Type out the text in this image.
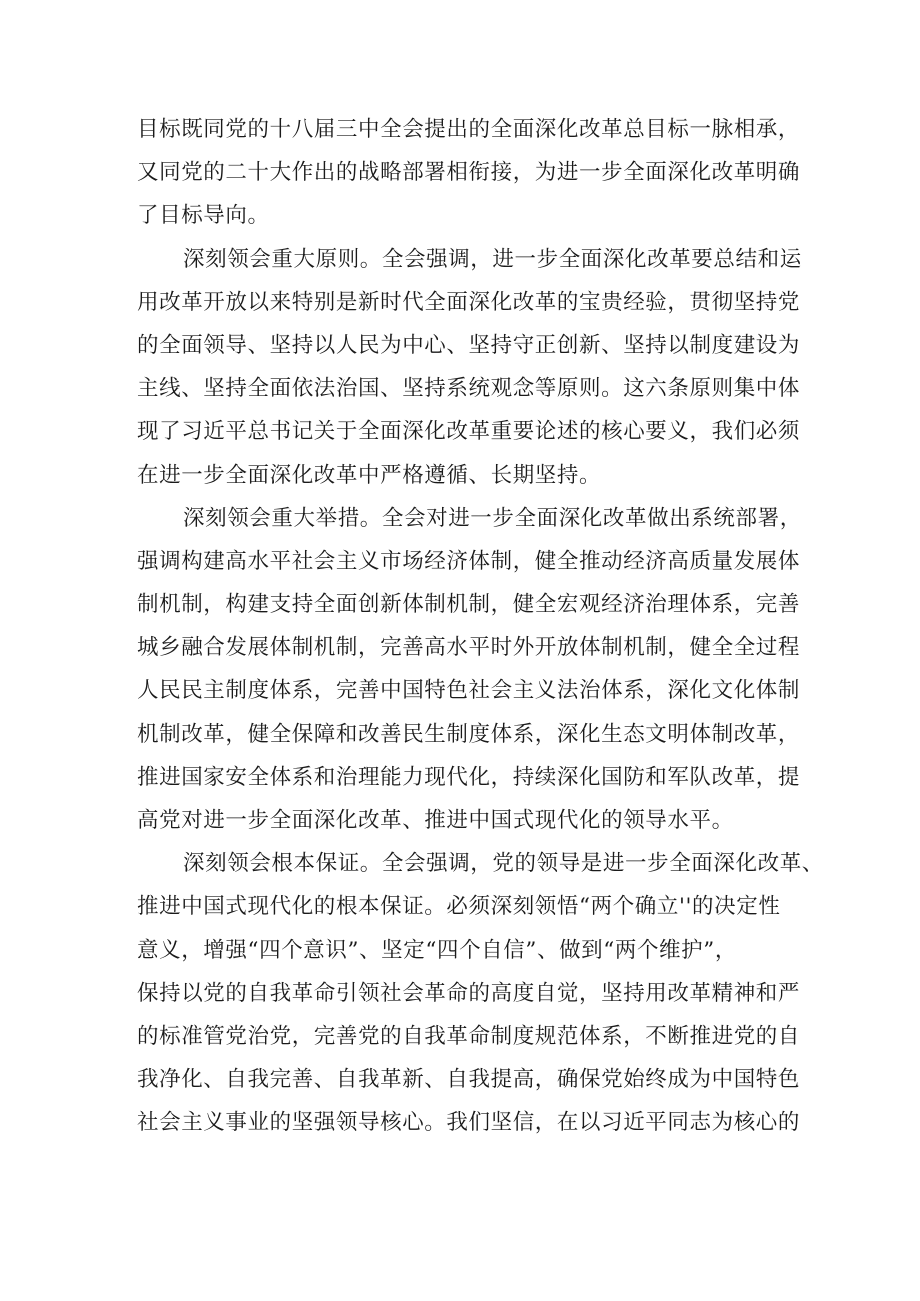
目标既同党的十八届三中全会提出的全面深化改革总目标一脉相承，
又同党的二十大作出的战略部署相衔接，为进一步全面深化改革明确
了目标导向。
深刻领会重大原则。全会强调，进一步全面深化改革要总结和运
用改革开放以来特别是新时代全面深化改革的宝贵经验，贯彻坚持党
的全面领导、坚持以人民为中心、坚持守正创新、坚持以制度建设为
主线、坚持全面依法治国、坚持系统观念等原则。这六条原则集中体
现了习近平总书记关于全面深化改革重要论述的核心要义，我们必须
在进一步全面深化改革中严格遵循、长期坚持。
深刻领会重大举措。全会对进一步全面深化改革做出系统部署，
强调构建高水平社会主义市场经济体制，健全推动经济高质量发展体
制机制，构建支持全面创新体制机制，健全宏观经济治理体系，完善
城乡融合发展体制机制，完善高水平时外开放体制机制，健全全过程
人民民主制度体系，完善中国特色社会主义法治体系，深化文化体制
机制改革，健全保障和改善民生制度体系，深化生态文明体制改革，
推进国家安全体系和治理能力现代化，持续深化国防和军队改革，提
高党对进一步全面深化改革、推进中国式现代化的领导水平。
深刻领会根本保证。全会强调，党的领导是进一步全面深化改革、
推进中国式现代化的根本保证。必须深刻领悟“两个确立''的决定性
意义，增强“四个意识”、坚定“四个自信”、做到“两个维护”，
保持以党的自我革命引领社会革命的高度自觉，坚持用改革精神和严
的标准管党治党，完善党的自我革命制度规范体系，不断推进党的自
我净化、自我完善、自我革新、自我提高，确保党始终成为中国特色
社会主义事业的坚强领导核心。我们坚信，在以习近平同志为核心的
